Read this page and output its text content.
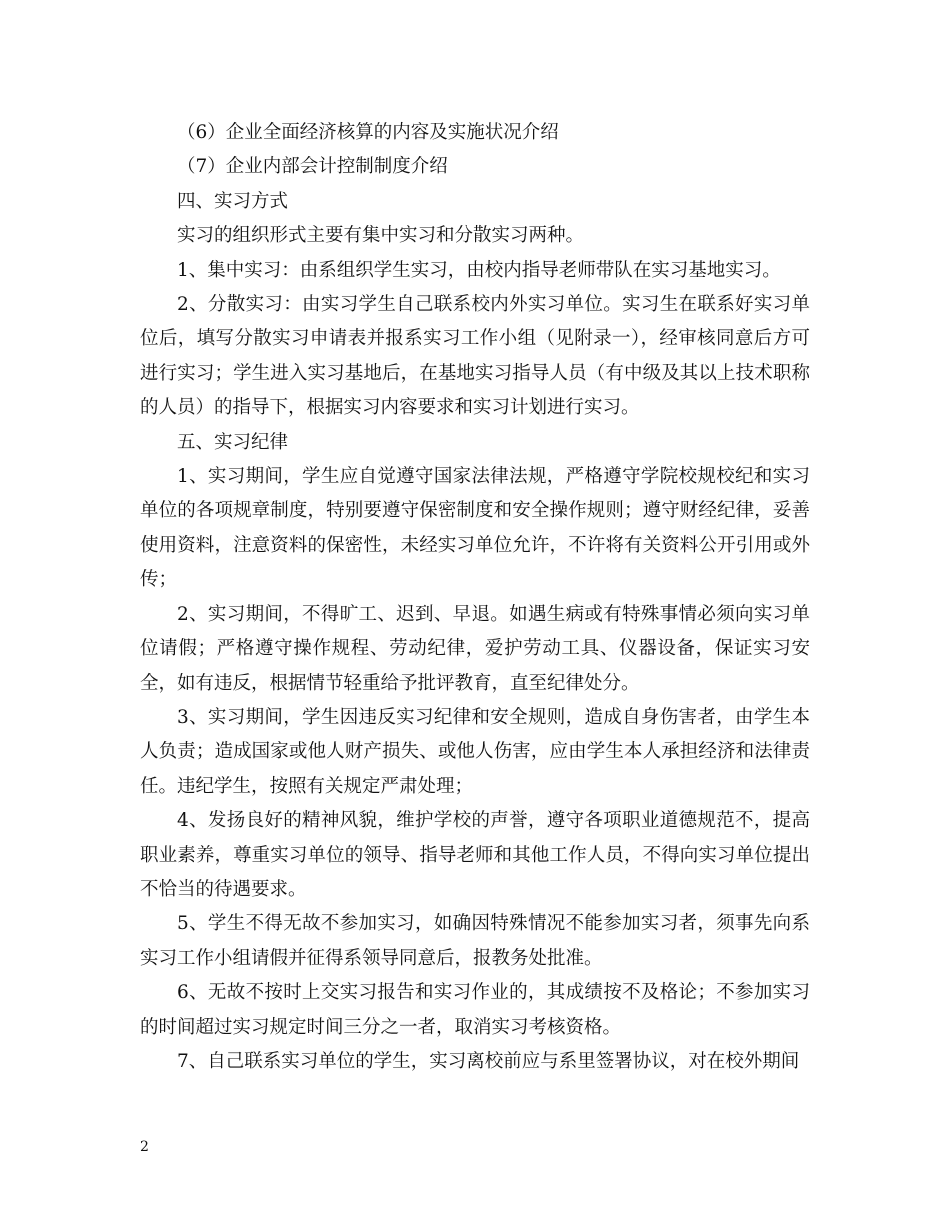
（6）企业全面经济核算的内容及实施状况介绍

（7）企业内部会计控制制度介绍

四、实习方式

实习的组织形式主要有集中实习和分散实习两种。

1、集中实习：由系组织学生实习，由校内指导老师带队在实习基地实习。

2、分散实习：由实习学生自己联系校内外实习单位。实习生在联系好实习单位后，填写分散实习申请表并报系实习工作小组（见附录一），经审核同意后方可进行实习；学生进入实习基地后，在基地实习指导人员（有中级及其以上技术职称的人员）的指导下，根据实习内容要求和实习计划进行实习。

五、实习纪律

1、实习期间，学生应自觉遵守国家法律法规，严格遵守学院校规校纪和实习单位的各项规章制度，特别要遵守保密制度和安全操作规则；遵守财经纪律，妥善使用资料，注意资料的保密性，未经实习单位允许，不许将有关资料公开引用或外传；

2、实习期间，不得旷工、迟到、早退。如遇生病或有特殊事情必须向实习单位请假；严格遵守操作规程、劳动纪律，爱护劳动工具、仪器设备，保证实习安全，如有违反，根据情节轻重给予批评教育，直至纪律处分。

3、实习期间，学生因违反实习纪律和安全规则，造成自身伤害者，由学生本人负责；造成国家或他人财产损失、或他人伤害，应由学生本人承担经济和法律责任。违纪学生，按照有关规定严肃处理；

4、发扬良好的精神风貌，维护学校的声誉，遵守各项职业道德规范不，提高职业素养，尊重实习单位的领导、指导老师和其他工作人员，不得向实习单位提出不恰当的待遇要求。

5、学生不得无故不参加实习，如确因特殊情况不能参加实习者，须事先向系实习工作小组请假并征得系领导同意后，报教务处批准。

6、无故不按时上交实习报告和实习作业的，其成绩按不及格论；不参加实习的时间超过实习规定时间三分之一者，取消实习考核资格。

7、自己联系实习单位的学生，实习离校前应与系里签署协议，对在校外期间

2
